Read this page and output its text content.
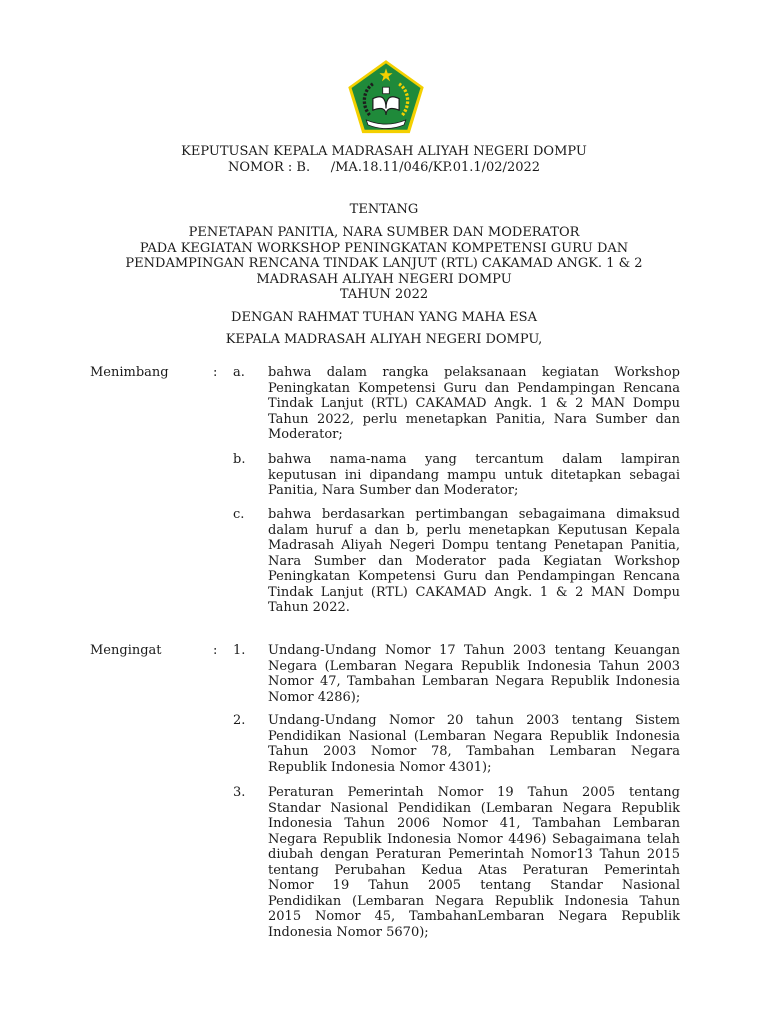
KEPUTUSAN KEPALA MADRASAH ALIYAH NEGERI DOMPU
NOMOR : B.     /MA.18.11/046/KP.01.1/02/2022
TENTANG
PENETAPAN PANITIA, NARA SUMBER DAN MODERATOR
PADA KEGIATAN WORKSHOP PENINGKATAN KOMPETENSI GURU DAN
PENDAMPINGAN RENCANA TINDAK LANJUT (RTL) CAKAMAD ANGK. 1 & 2
MADRASAH ALIYAH NEGERI DOMPU
TAHUN 2022
DENGAN RAHMAT TUHAN YANG MAHA ESA
KEPALA MADRASAH ALIYAH NEGERI DOMPU,
Menimbang	: a. bahwa dalam rangka pelaksanaan kegiatan Workshop
Peningkatan Kompetensi Guru dan Pendampingan Rencana
Tindak Lanjut (RTL) CAKAMAD Angk. 1 & 2 MAN Dompu
Tahun 2022, perlu menetapkan Panitia, Nara Sumber dan
Moderator;
b. bahwa nama-nama yang tercantum dalam lampiran
keputusan ini dipandang mampu untuk ditetapkan sebagai
Panitia, Nara Sumber dan Moderator;
c. bahwa berdasarkan pertimbangan sebagaimana dimaksud
dalam huruf a dan b, perlu menetapkan Keputusan Kepala
Madrasah Aliyah Negeri Dompu tentang Penetapan Panitia,
Nara Sumber dan Moderator pada Kegiatan Workshop
Peningkatan Kompetensi Guru dan Pendampingan Rencana
Tindak Lanjut (RTL) CAKAMAD Angk. 1 & 2 MAN Dompu
Tahun 2022.
Mengingat	: 1. Undang-Undang Nomor 17 Tahun 2003 tentang Keuangan
Negara (Lembaran Negara Republik Indonesia Tahun 2003
Nomor 47, Tambahan Lembaran Negara Republik Indonesia
Nomor 4286);
2. Undang-Undang Nomor 20 tahun 2003 tentang Sistem
Pendidikan Nasional (Lembaran Negara Republik Indonesia
Tahun 2003 Nomor 78, Tambahan Lembaran Negara
Republik Indonesia Nomor 4301);
3. Peraturan Pemerintah Nomor 19 Tahun 2005 tentang
Standar Nasional Pendidikan (Lembaran Negara Republik
Indonesia Tahun 2006 Nomor 41, Tambahan Lembaran
Negara Republik Indonesia Nomor 4496) Sebagaimana telah
diubah dengan Peraturan Pemerintah Nomor13 Tahun 2015
tentang Perubahan Kedua Atas Peraturan Pemerintah
Nomor 19 Tahun 2005 tentang Standar Nasional
Pendidikan (Lembaran Negara Republik Indonesia Tahun
2015 Nomor 45, TambahanLembaran Negara Republik
Indonesia Nomor 5670);
